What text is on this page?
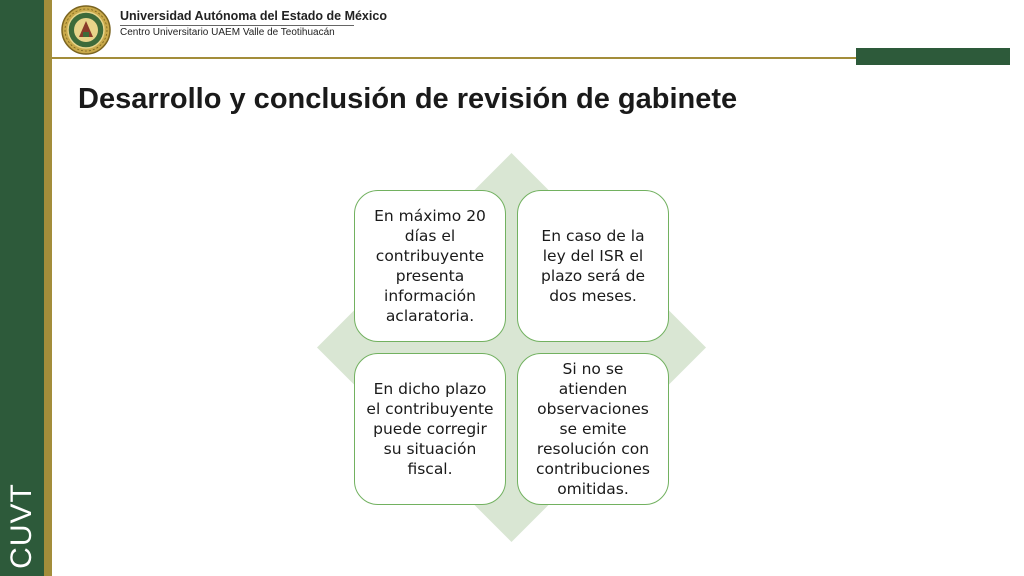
CUVT
Universidad Autónoma del Estado de México
Centro Universitario UAEM Valle de Teotihuacán
Desarrollo y conclusión de revisión de gabinete
En máximo 20 días el contribuyente presenta información aclaratoria.
En caso de la ley del ISR el plazo será de dos meses.
En dicho plazo el contribuyente puede corregir su situación fiscal.
Si no se atienden observaciones se emite resolución con contribuciones omitidas.
